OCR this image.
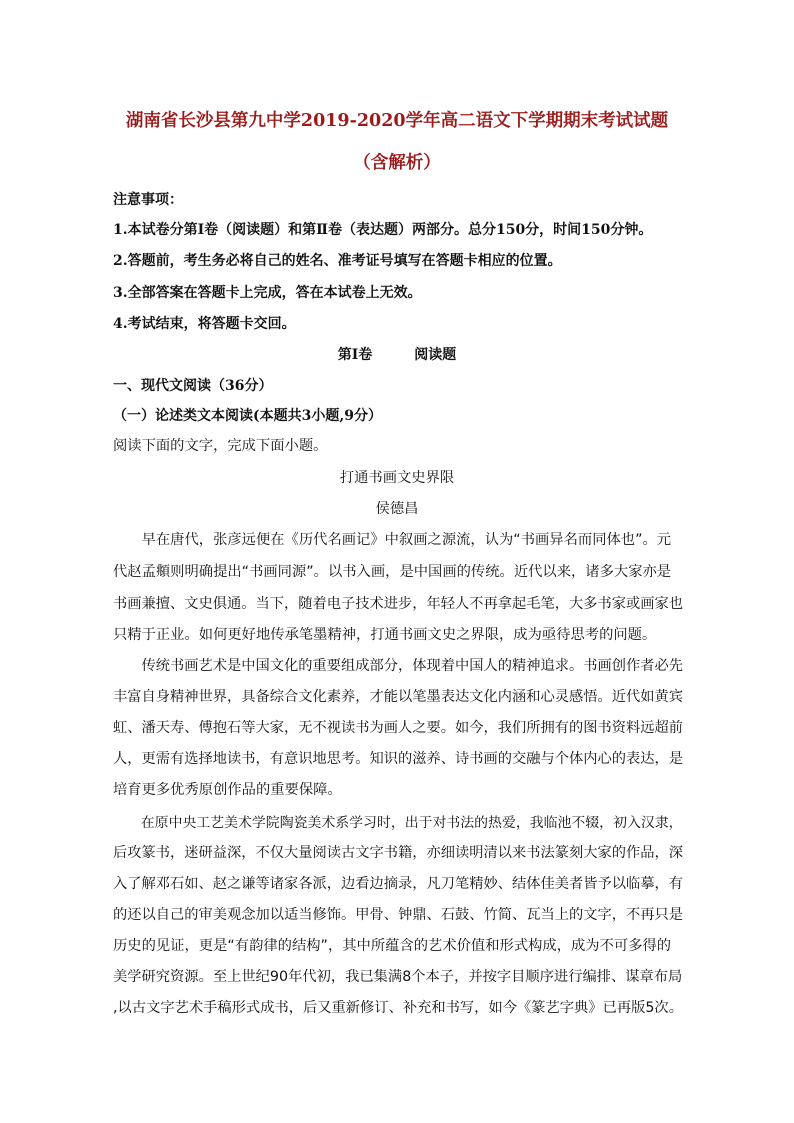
湖南省长沙县第九中学2019-2020学年高二语文下学期期末考试试题
（含解析）
注意事项：
1.本试卷分第Ⅰ卷（阅读题）和第Ⅱ卷（表达题）两部分。总分150分，时间150分钟。
2.答题前，考生务必将自己的姓名、准考证号填写在答题卡相应的位置。
3.全部答案在答题卡上完成，答在本试卷上无效。
4.考试结束，将答题卡交回。
第Ⅰ卷	阅读题
一、现代文阅读（36分）
（一）论述类文本阅读(本题共3小题,9分）
阅读下面的文字，完成下面小题。
打通书画文史界限
侯德昌
　　早在唐代，张彦远便在《历代名画记》中叙画之源流，认为“书画异名而同体也”。元
代赵孟頫则明确提出“书画同源”。以书入画，是中国画的传统。近代以来，诸多大家亦是
书画兼擅、文史俱通。当下，随着电子技术进步，年轻人不再拿起毛笔，大多书家或画家也
只精于正业。如何更好地传承笔墨精神，打通书画文史之界限，成为亟待思考的问题。
　　传统书画艺术是中国文化的重要组成部分，体现着中国人的精神追求。书画创作者必先
丰富自身精神世界，具备综合文化素养，才能以笔墨表达文化内涵和心灵感悟。近代如黄宾
虹、潘天寿、傅抱石等大家，无不视读书为画人之要。如今，我们所拥有的图书资料远超前
人，更需有选择地读书，有意识地思考。知识的滋养、诗书画的交融与个体内心的表达，是
培育更多优秀原创作品的重要保障。
　　在原中央工艺美术学院陶瓷美术系学习时，出于对书法的热爱，我临池不辍，初入汉隶，
后攻篆书，迷研益深，不仅大量阅读古文字书籍，亦细读明清以来书法篆刻大家的作品，深
入了解邓石如、赵之谦等诸家各派，边看边摘录，凡刀笔精妙、结体佳美者皆予以临摹，有
的还以自己的审美观念加以适当修饰。甲骨、钟鼎、石鼓、竹简、瓦当上的文字，不再只是
历史的见证，更是“有韵律的结构”，其中所蕴含的艺术价值和形式构成，成为不可多得的
美学研究资源。至上世纪90年代初，我已集满8个本子，并按字目顺序进行编排、谋章布局
,以古文字艺术手稿形式成书，后又重新修订、补充和书写，如今《篆艺字典》已再版5次。
